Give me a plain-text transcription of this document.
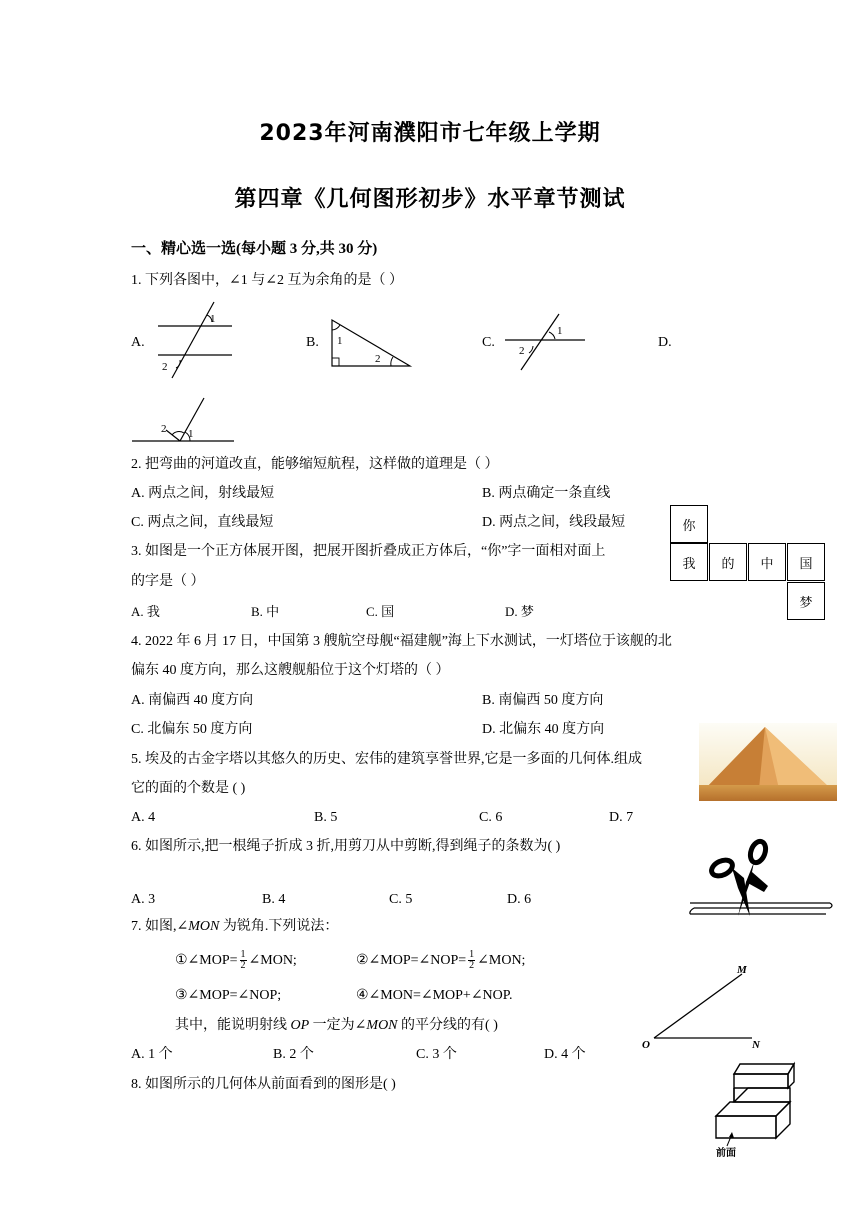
2023年河南濮阳市七年级上学期
第四章《几何图形初步》水平章节测试
一、精心选一选(每小题 3 分,共 30 分)
1. 下列各图中，∠1 与∠2 互为余角的是（ ）
A.	B.	C.	D.
1
2
1
2
1
2
2 1
2. 把弯曲的河道改直，能够缩短航程，这样做的道理是（ ）
A. 两点之间，射线最短	B. 两点确定一条直线
C. 两点之间，直线最短	D. 两点之间，线段最短	你
我	的	中	国
梦
3. 如图是一个正方体展开图，把展开图折叠成正方体后，“你”字一面相对面上
的字是（ ）
A. 我	B. 中	C. 国	D. 梦
4. 2022 年 6 月 17 日，中国第 3 艘航空母舰“福建舰”海上下水测试，一灯塔位于该舰的北
偏东 40 度方向，那么这艘舰船位于这个灯塔的（ ）
A. 南偏西 40 度方向	B. 南偏西 50 度方向
C. 北偏东 50 度方向	D. 北偏东 40 度方向
5. 埃及的古金字塔以其悠久的历史、宏伟的建筑享誉世界,它是一多面的几何体.组成
它的面的个数是 ( )
A. 4	B. 5	C. 6	D. 7
6. 如图所示,把一根绳子折成 3 折,用剪刀从中剪断,得到绳子的条数为( )
A. 3	B. 4	C. 5	D. 6
7. 如图,∠MON 为锐角.下列说法：
①∠MOP= $\frac{1}{2}$ ∠MON;	②∠MOP=∠NOP= $\frac{1}{2}$ ∠MON;
③∠MOP=∠NOP;	④∠MON=∠MOP+∠NOP.
其中，能说明射线 OP 一定为∠MON 的平分线的有( )
A. 1 个	B. 2 个	C. 3 个	D. 4 个
M
O	N
8. 如图所示的几何体从前面看到的图形是( )
前面
